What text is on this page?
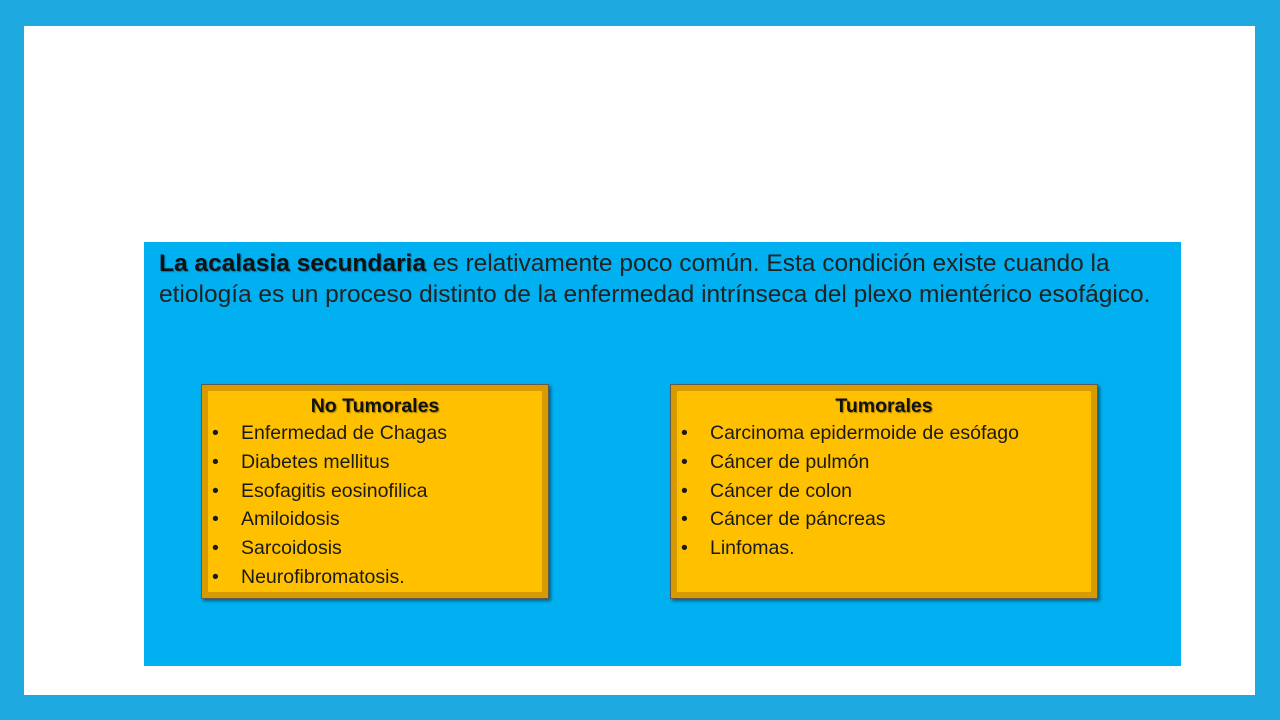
La acalasia secundaria es relativamente poco común. Esta condición existe cuando la etiología es un proceso distinto de la enfermedad intrínseca del plexo mientérico esofágico.

No Tumorales
•	Enfermedad de Chagas
•	Diabetes mellitus
•	Esofagitis eosinofilica
•	Amiloidosis
•	Sarcoidosis
•	Neurofibromatosis.
Tumorales
•	Carcinoma epidermoide de esófago
•	Cáncer de pulmón
•	Cáncer de colon
•	Cáncer de páncreas
•	Linfomas.
